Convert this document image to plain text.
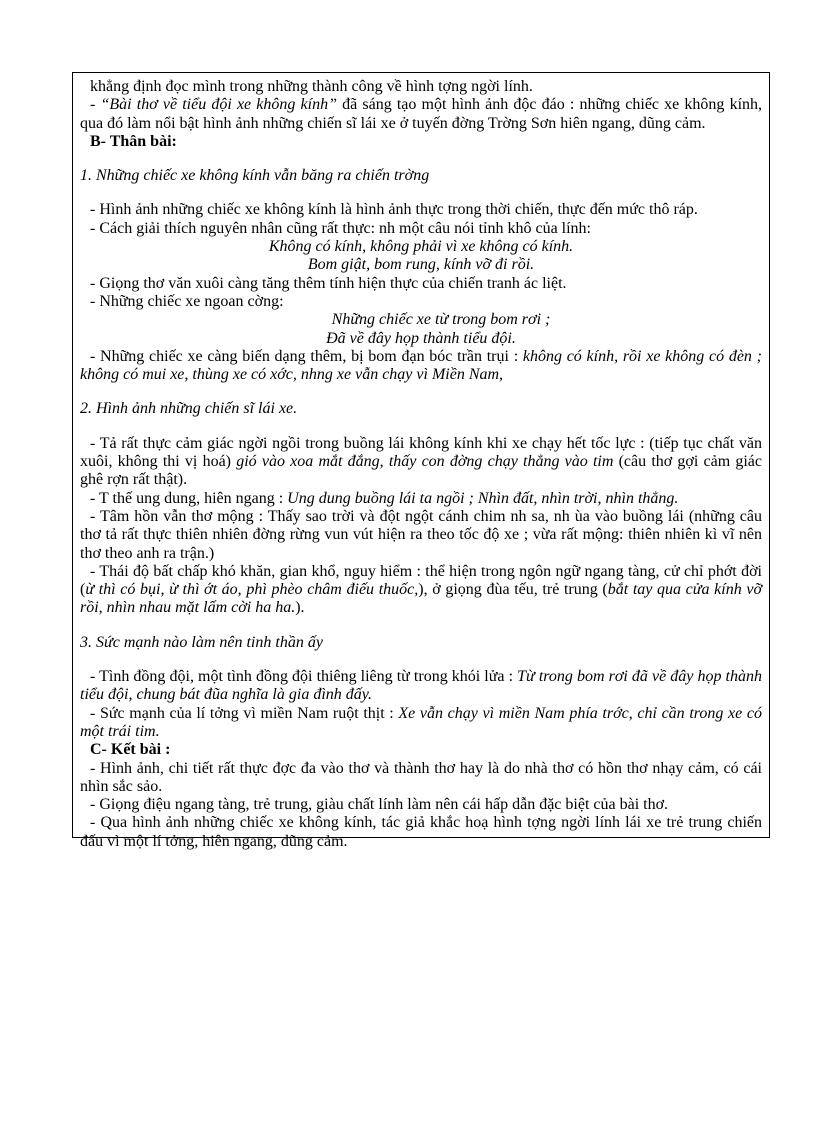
khẳng định đọc mình trong những thành công về hình tợng ngời lính.

- “Bài thơ về tiểu đội xe không kính” đã sáng tạo một hình ảnh độc đáo : những chiếc xe không kính, qua đó làm nổi bật hình ảnh những chiến sĩ lái xe ở tuyến đờng Trờng Sơn hiên ngang, dũng cảm.

B- Thân bài:

1. Những chiếc xe không kính vẫn băng ra chiến trờng

- Hình ảnh những chiếc xe không kính là hình ảnh thực trong thời chiến, thực đến mức thô ráp.

- Cách giải thích nguyên nhân cũng rất thực: nh một câu nói tỉnh khô của lính:

Không có kính, không phải vì xe không có kính.

Bom giật, bom rung, kính vỡ đi rồi.

- Giọng thơ văn xuôi càng tăng thêm tính hiện thực của chiến tranh ác liệt.

- Những chiếc xe ngoan cờng:

Những chiếc xe từ trong bom rơi ;

Đã về đây họp thành tiểu đội.

- Những chiếc xe càng biến dạng thêm, bị bom đạn bóc trần trụi : không có kính, rồi xe không có đèn ; không có mui xe, thùng xe có xớc, nhng xe vẫn chạy vì Miền Nam,

2. Hình ảnh những chiến sĩ lái xe.

- Tả rất thực cảm giác ngời ngồi trong buồng lái không kính khi xe chạy hết tốc lực : (tiếp tục chất văn xuôi, không thi vị hoá) gió vào xoa mắt đắng, thấy con đờng chạy thẳng vào tim (câu thơ gợi cảm giác ghê rợn rất thật).

- T thế ung dung, hiên ngang : Ung dung buồng lái ta ngồi ; Nhìn đất, nhìn trời, nhìn thẳng.

- Tâm hồn vẫn thơ mộng : Thấy sao trời và đột ngột cánh chim nh sa, nh ùa vào buồng lái (những câu thơ tả rất thực thiên nhiên đờng rừng vun vút hiện ra theo tốc độ xe ; vừa rất mộng: thiên nhiên kì vĩ nên thơ theo anh ra trận.)

- Thái độ bất chấp khó khăn, gian khổ, nguy hiểm : thể hiện trong ngôn ngữ ngang tàng, cử chỉ phớt đời (ừ thì có bụi, ừ thì ớt áo, phì phèo châm điếu thuốc,), ở giọng đùa tếu, trẻ trung (bắt tay qua cửa kính vỡ rồi, nhìn nhau mặt lấm cời ha ha.).

3. Sức mạnh nào làm nên tinh thần ấy

- Tình đồng đội, một tình đồng đội thiêng liêng từ trong khói lửa : Từ trong bom rơi đã về đây họp thành tiểu đội, chung bát đũa nghĩa là gia đình đấy.

- Sức mạnh của lí tởng vì miền Nam ruột thịt : Xe vẫn chạy vì miền Nam phía trớc, chỉ cần trong xe có một trái tim.

C- Kết bài :

- Hình ảnh, chi tiết rất thực đợc đa vào thơ và thành thơ hay là do nhà thơ có hồn thơ nhạy cảm, có cái nhìn sắc sảo.

- Giọng điệu ngang tàng, trẻ trung, giàu chất lính làm nên cái hấp dẫn đặc biệt của bài thơ.

- Qua hình ảnh những chiếc xe không kính, tác giả khắc hoạ hình tợng ngời lính lái xe trẻ trung chiến đấu vì một lí tởng, hiên ngang, dũng cảm.
